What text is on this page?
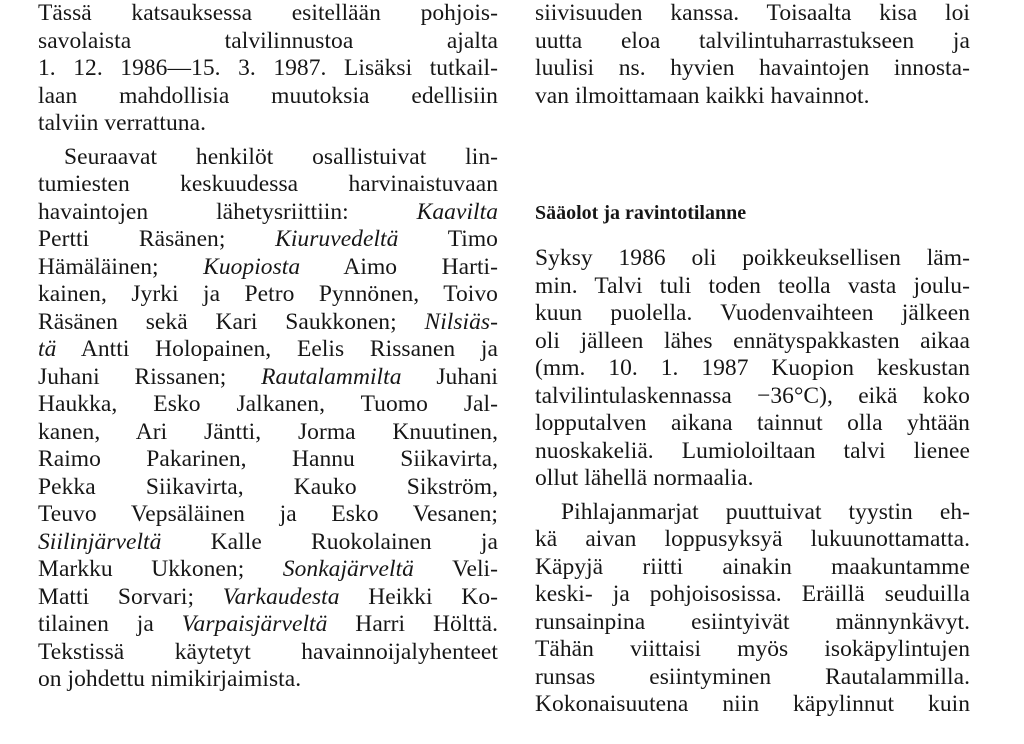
Tässä katsauksessa esitellään pohjois-
savolaista talvilinnustoa ajalta
1. 12. 1986—15. 3. 1987. Lisäksi tutkail-
laan mahdollisia muutoksia edellisiin
talviin verrattuna.
Seuraavat henkilöt osallistuivat lin-
tumiesten keskuudessa harvinaistuvaan
havaintojen lähetysriittiin: Kaavilta
Pertti Räsänen; Kiuruvedeltä Timo
Hämäläinen; Kuopiosta Aimo Harti-
kainen, Jyrki ja Petro Pynnönen, Toivo
Räsänen sekä Kari Saukkonen; Nilsiäs-
tä Antti Holopainen, Eelis Rissanen ja
Juhani Rissanen; Rautalammilta Juhani
Haukka, Esko Jalkanen, Tuomo Jal-
kanen, Ari Jäntti, Jorma Knuutinen,
Raimo Pakarinen, Hannu Siikavirta,
Pekka Siikavirta, Kauko Sikström,
Teuvo Vepsäläinen ja Esko Vesanen;
Siilinjärveltä Kalle Ruokolainen ja
Markku Ukkonen; Sonkajärveltä Veli-
Matti Sorvari; Varkaudesta Heikki Ko-
tilainen ja Varpaisjärveltä Harri Hölttä.
Tekstissä käytetyt havainnoijalyhenteet
on johdettu nimikirjaimista.
siivisuuden kanssa. Toisaalta kisa loi
uutta eloa talvilintuharrastukseen ja
luulisi ns. hyvien havaintojen innosta-
van ilmoittamaan kaikki havainnot.
Sääolot ja ravintotilanne
Syksy 1986 oli poikkeuksellisen läm-
min. Talvi tuli toden teolla vasta joulu-
kuun puolella. Vuodenvaihteen jälkeen
oli jälleen lähes ennätyspakkasten aikaa
(mm. 10. 1. 1987 Kuopion keskustan
talvilintulaskennassa −36°C), eikä koko
lopputalven aikana tainnut olla yhtään
nuoskakeliä. Lumioloiltaan talvi lienee
ollut lähellä normaalia.
Pihlajanmarjat puuttuivat tyystin eh-
kä aivan loppusyksyä lukuunottamatta.
Käpyjä riitti ainakin maakuntamme
keski- ja pohjoisosissa. Eräillä seuduilla
runsainpina esiintyivät männynkävyt.
Tähän viittaisi myös isokäpylintujen
runsas esiintyminen Rautalammilla.
Kokonaisuutena niin käpylinnut kuin
